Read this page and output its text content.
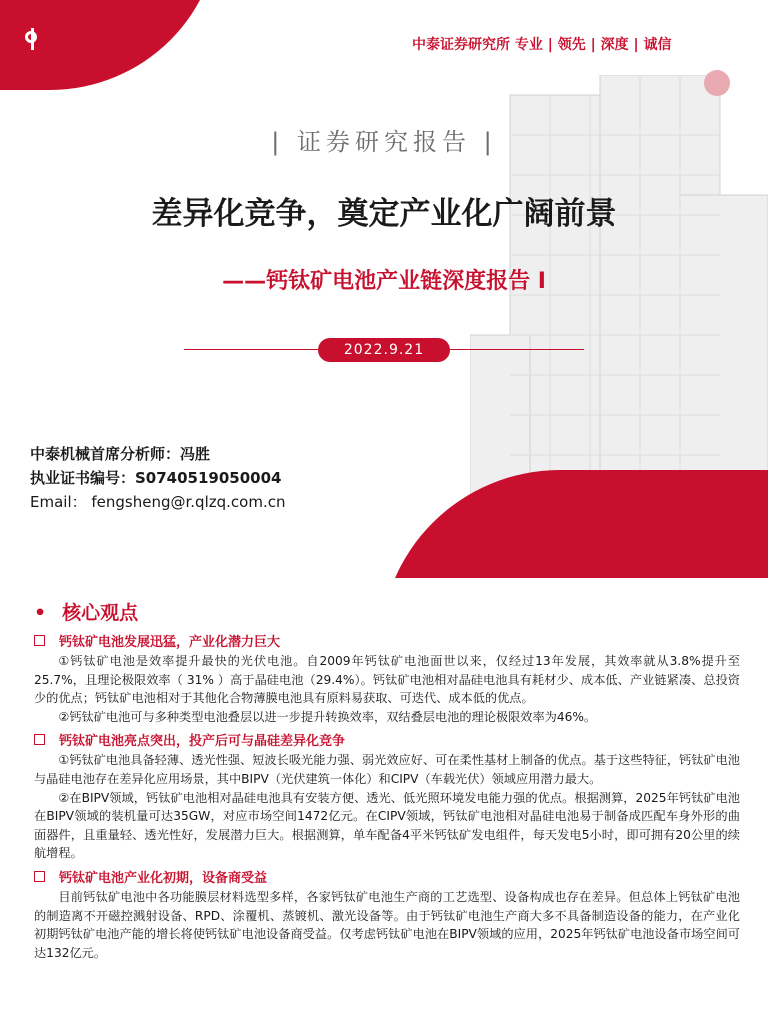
中泰证券
ZHONGTAI SECURITIES	中泰证券研究所 专业 | 领先 | 深度 | 诚信
| 证券研究报告 |
差异化竞争，奠定产业化广阔前景
——钙钛矿电池产业链深度报告 I
2022.9.21
中泰机械首席分析师：冯胜
执业证书编号：S0740519050004
Email： fengsheng@r.qlzq.com.cn
• 核心观点
钙钛矿电池发展迅猛，产业化潜力巨大
①钙钛矿电池是效率提升最快的光伏电池。自2009年钙钛矿电池面世以来，仅经过13年发展，其效率就从3.8%提升至25.7%，且理论极限效率（ 31% ）高于晶硅电池（29.4%）。钙钛矿电池相对晶硅电池具有耗材少、成本低、产业链紧凑、总投资少的优点；钙钛矿电池相对于其他化合物薄膜电池具有原料易获取、可迭代、成本低的优点。
②钙钛矿电池可与多种类型电池叠层以进一步提升转换效率，双结叠层电池的理论极限效率为46%。
钙钛矿电池亮点突出，投产后可与晶硅差异化竞争
①钙钛矿电池具备轻薄、透光性强、短波长吸光能力强、弱光效应好、可在柔性基材上制备的优点。基于这些特征，钙钛矿电池与晶硅电池存在差异化应用场景，其中BIPV（光伏建筑一体化）和CIPV（车载光伏）领域应用潜力最大。
②在BIPV领域，钙钛矿电池相对晶硅电池具有安装方便、透光、低光照环境发电能力强的优点。根据测算，2025年钙钛矿电池在BIPV领域的装机量可达35GW，对应市场空间1472亿元。在CIPV领域，钙钛矿电池相对晶硅电池易于制备成匹配车身外形的曲面器件，且重量轻、透光性好，发展潜力巨大。根据测算，单车配备4平米钙钛矿发电组件，每天发电5小时，即可拥有20公里的续航增程。
钙钛矿电池产业化初期，设备商受益
目前钙钛矿电池中各功能膜层材料选型多样，各家钙钛矿电池生产商的工艺选型、设备构成也存在差异。但总体上钙钛矿电池的制造离不开磁控溅射设备、RPD、涂覆机、蒸镀机、激光设备等。由于钙钛矿电池生产商大多不具备制造设备的能力，在产业化初期钙钛矿电池产能的增长将使钙钛矿电池设备商受益。仅考虑钙钛矿电池在BIPV领域的应用，2025年钙钛矿电池设备市场空间可达132亿元。
